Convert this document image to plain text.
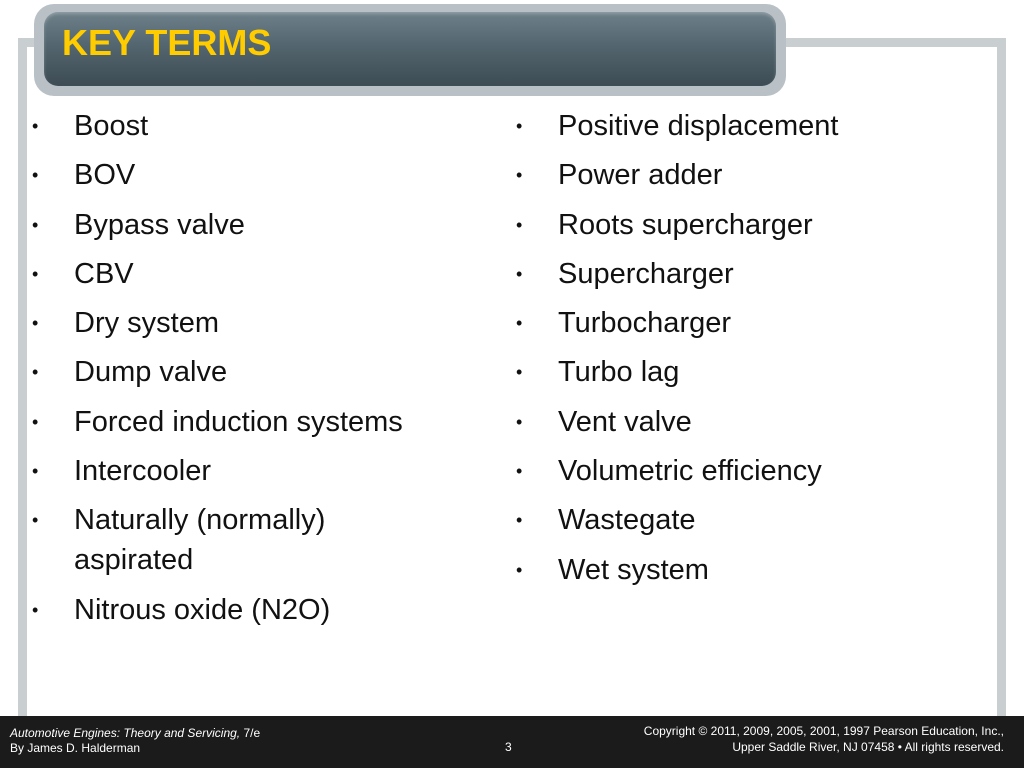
KEY TERMS
• Boost
• BOV
• Bypass valve
• CBV
• Dry system
• Dump valve
• Forced induction systems
• Intercooler
• Naturally (normally) aspirated
• Nitrous oxide (N2O)
• Positive displacement
• Power adder
• Roots supercharger
• Supercharger
• Turbocharger
• Turbo lag
• Vent valve
• Volumetric efficiency
• Wastegate
• Wet system
Automotive Engines: Theory and Servicing, 7/e
By James D. Halderman	3
Copyright © 2011, 2009, 2005, 2001, 1997 Pearson Education, Inc.,
Upper Saddle River, NJ 07458 • All rights reserved.
